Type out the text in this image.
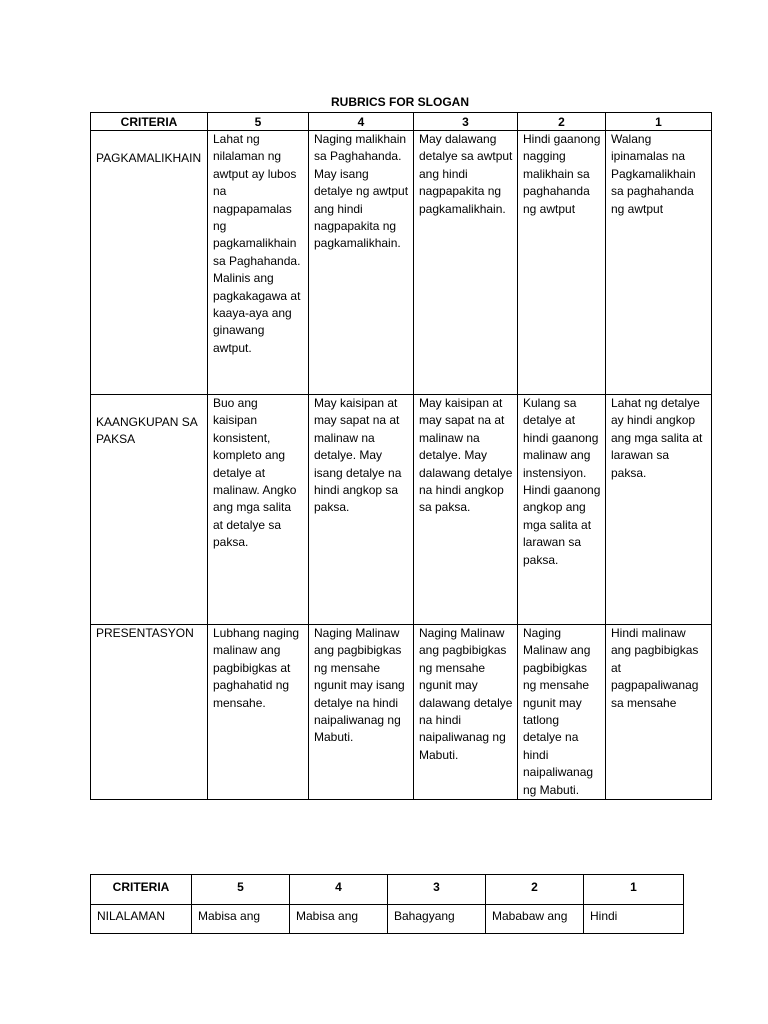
RUBRICS FOR SLOGAN
CRITERIA	5	4	3	2	1
PAGKAMALIKHAIN	Lahat ng nilalaman ng awtput ay lubos na nagpapamalas ng pagkamalikhain sa Paghahanda. Malinis ang pagkakagawa at kaaya-aya ang ginawang awtput.	Naging malikhain sa Paghahanda. May isang detalye ng awtput ang hindi nagpapakita ng pagkamalikhain.	May dalawang detalye sa awtput ang hindi nagpapakita ng pagkamalikhain.	Hindi gaanong nagging malikhain sa paghahanda ng awtput	Walang ipinamalas na Pagkamalikhain sa paghahanda ng awtput
KAANGKUPAN SA PAKSA	Buo ang kaisipan konsistent, kompleto ang detalye at malinaw. Angko ang mga salita at detalye sa paksa.	May kaisipan at may sapat na at malinaw na detalye. May isang detalye na hindi angkop sa paksa.	May kaisipan at may sapat na at malinaw na detalye. May dalawang detalye na hindi angkop sa paksa.	Kulang sa detalye at hindi gaanong malinaw ang instensiyon. Hindi gaanong angkop ang mga salita at larawan sa paksa.	Lahat ng detalye ay hindi angkop ang mga salita at larawan sa paksa.
PRESENTASYON	Lubhang naging malinaw ang pagbibigkas at paghahatid ng mensahe.	Naging Malinaw ang pagbibigkas ng mensahe ngunit may isang detalye na hindi naipaliwanag ng Mabuti.	Naging Malinaw ang pagbibigkas ng mensahe ngunit may dalawang detalye na hindi naipaliwanag ng Mabuti.	Naging Malinaw ang pagbibigkas ng mensahe ngunit may tatlong detalye na hindi naipaliwanag ng Mabuti.	Hindi malinaw ang pagbibigkas at pagpapaliwanag sa mensahe
CRITERIA	5	4	3	2	1
NILALAMAN	Mabisa ang	Mabisa ang	Bahagyang	Mababaw ang	Hindi
